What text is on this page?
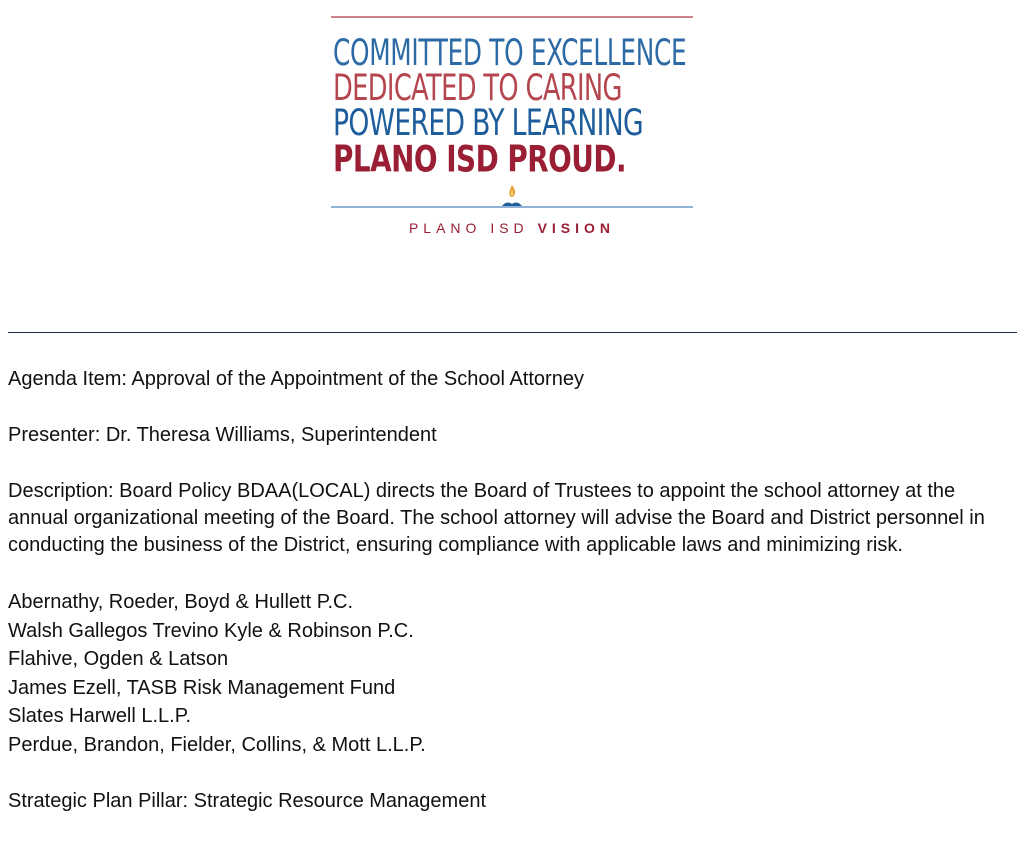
COMMITTED TO EXCELLENCE
DEDICATED TO CARING
POWERED BY LEARNING
PLANO ISD PROUD.
PLANO ISD VISION

Agenda Item: Approval of the Appointment of the School Attorney

Presenter: Dr. Theresa Williams, Superintendent

Description: Board Policy BDAA(LOCAL) directs the Board of Trustees to appoint the school attorney at the annual organizational meeting of the Board. The school attorney will advise the Board and District personnel in conducting the business of the District, ensuring compliance with applicable laws and minimizing risk.

Abernathy, Roeder, Boyd & Hullett P.C.
Walsh Gallegos Trevino Kyle & Robinson P.C.
Flahive, Ogden & Latson
James Ezell, TASB Risk Management Fund
Slates Harwell L.L.P.
Perdue, Brandon, Fielder, Collins, & Mott L.L.P.

Strategic Plan Pillar: Strategic Resource Management
